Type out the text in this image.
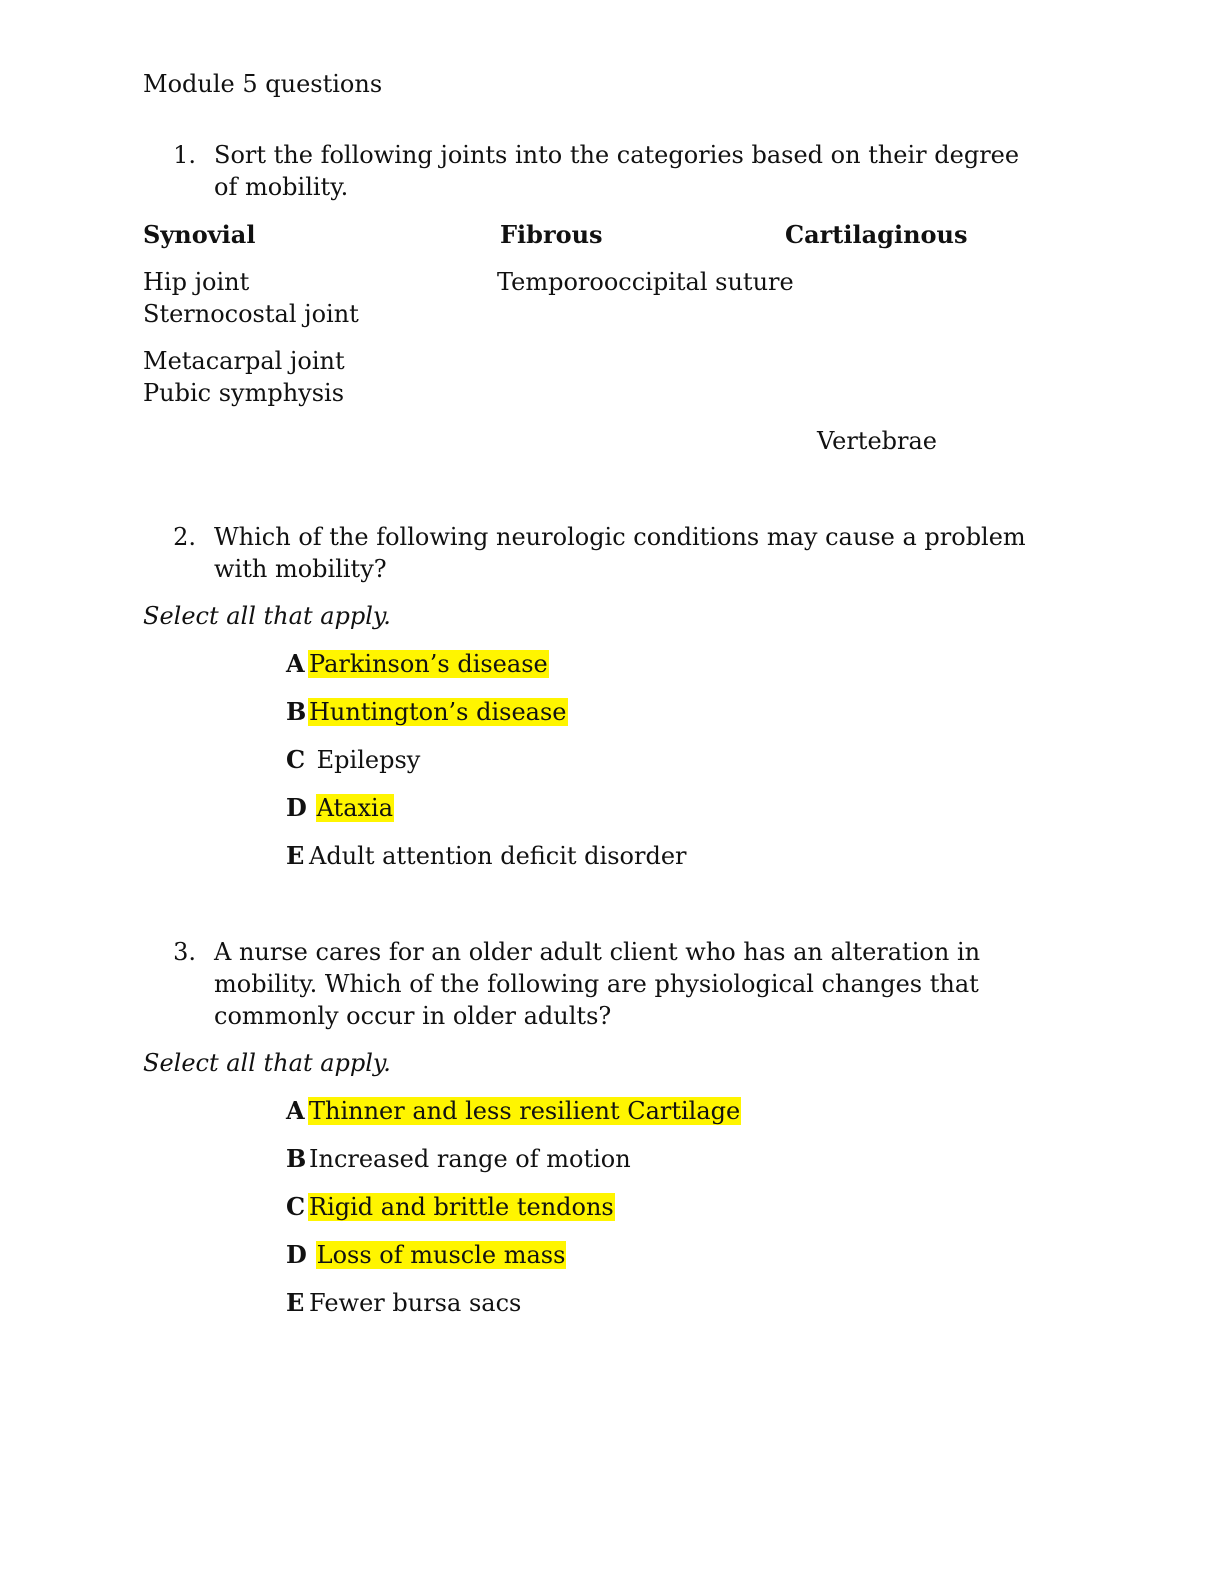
Module 5 questions
1. Sort the following joints into the categories based on their degree of mobility.
Synovial	Fibrous	Cartilaginous
Hip joint
Sternocostal joint
Metacarpal joint
Pubic symphysis
Temporooccipital suture
Vertebrae
2. Which of the following neurologic conditions may cause a problem with mobility?
Select all that apply.
A Parkinson’s disease
B Huntington’s disease
C Epilepsy
D Ataxia
E Adult attention deficit disorder
3. A nurse cares for an older adult client who has an alteration in mobility. Which of the following are physiological changes that commonly occur in older adults?
Select all that apply.
A Thinner and less resilient Cartilage
B Increased range of motion
C Rigid and brittle tendons
D Loss of muscle mass
E Fewer bursa sacs
